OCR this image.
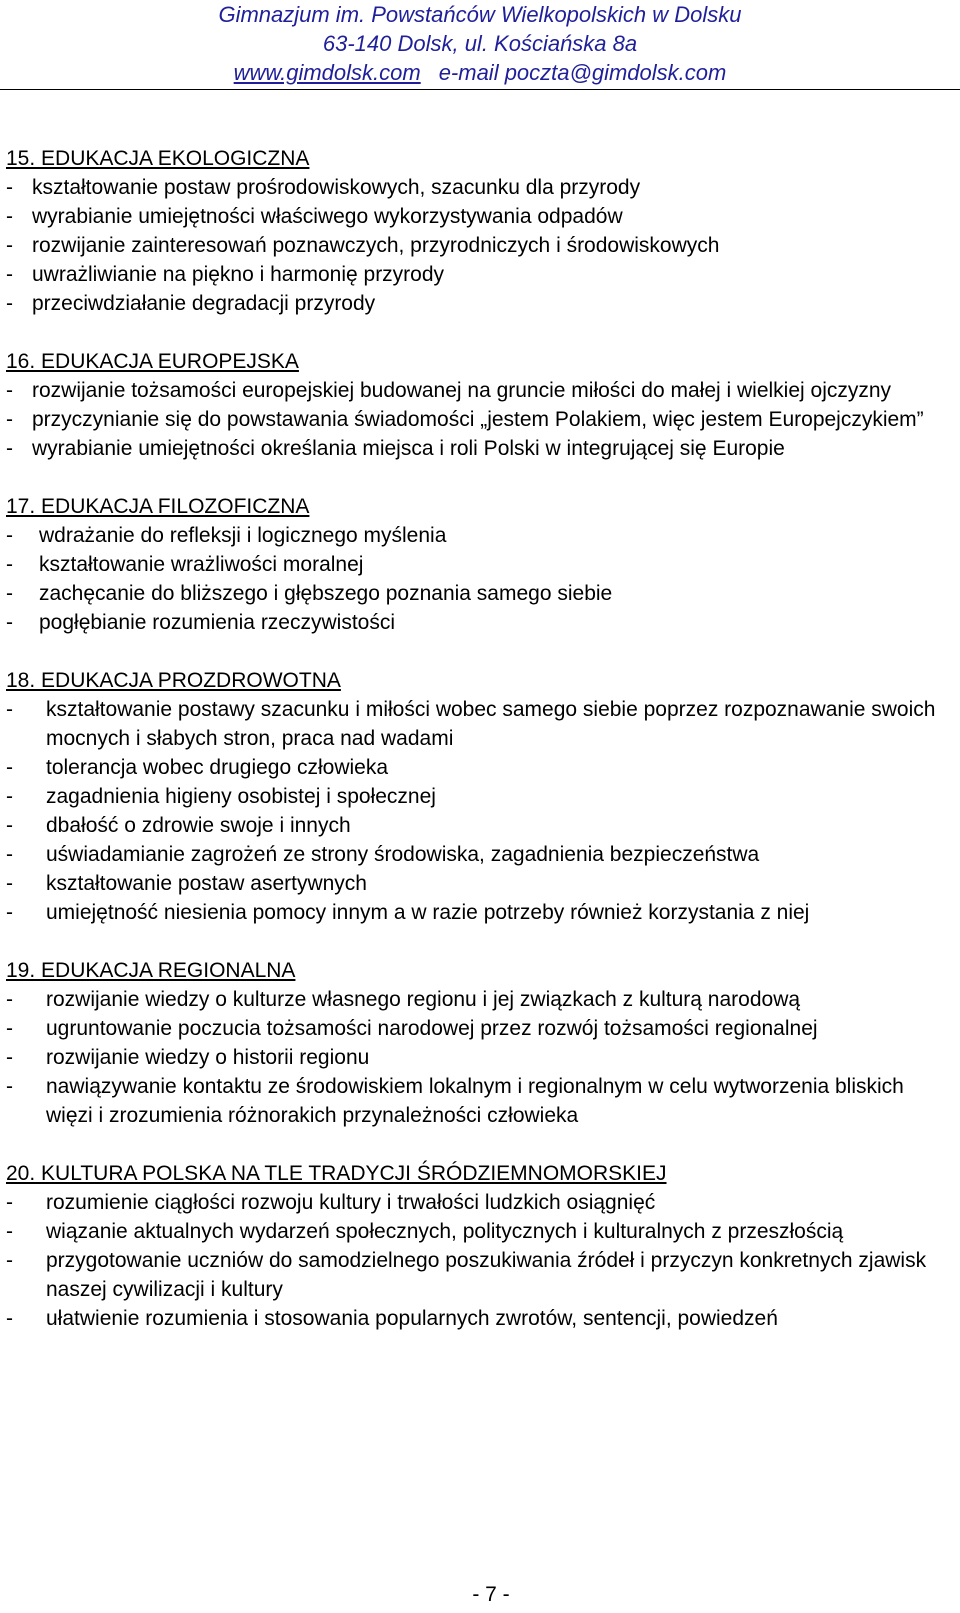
Gimnazjum im. Powstańców Wielkopolskich w Dolsku
63-140 Dolsk, ul. Kościańska 8a
www.gimdolsk.com e-mail poczta@gimdolsk.com
15. EDUKACJA EKOLOGICZNA
- kształtowanie postaw prośrodowiskowych, szacunku dla przyrody
- wyrabianie umiejętności właściwego wykorzystywania odpadów
- rozwijanie zainteresowań poznawczych, przyrodniczych i środowiskowych
- uwrażliwianie na piękno i harmonię przyrody
- przeciwdziałanie degradacji przyrody
16. EDUKACJA EUROPEJSKA
- rozwijanie tożsamości europejskiej budowanej na gruncie miłości do małej i wielkiej ojczyzny
- przyczynianie się do powstawania świadomości „jestem Polakiem, więc jestem Europejczykiem”
- wyrabianie umiejętności określania miejsca i roli Polski w integrującej się Europie
17. EDUKACJA FILOZOFICZNA
-	wdrażanie do refleksji i logicznego myślenia
-	kształtowanie wrażliwości moralnej
-	zachęcanie do bliższego i głębszego poznania samego siebie
-	pogłębianie rozumienia rzeczywistości
18. EDUKACJA PROZDROWOTNA
-	kształtowanie postawy szacunku i miłości wobec samego siebie poprzez rozpoznawanie swoich mocnych i słabych stron, praca nad wadami
-	tolerancja wobec drugiego człowieka
-	zagadnienia higieny osobistej i społecznej
-	dbałość o zdrowie swoje i innych
-	uświadamianie zagrożeń ze strony środowiska, zagadnienia bezpieczeństwa
-	kształtowanie postaw asertywnych
-	umiejętność niesienia pomocy innym a w razie potrzeby również korzystania z niej
19. EDUKACJA REGIONALNA
-	rozwijanie wiedzy o kulturze własnego regionu i jej związkach z kulturą narodową
-	ugruntowanie poczucia tożsamości narodowej przez rozwój tożsamości regionalnej
-	rozwijanie wiedzy o historii regionu
-	nawiązywanie kontaktu ze środowiskiem lokalnym i regionalnym w celu wytworzenia bliskich więzi i zrozumienia różnorakich przynależności człowieka
20. KULTURA POLSKA NA TLE TRADYCJI ŚRÓDZIEMNOMORSKIEJ
-	rozumienie ciągłości rozwoju kultury i trwałości ludzkich osiągnięć
-	wiązanie aktualnych wydarzeń społecznych, politycznych i kulturalnych z przeszłością
-	przygotowanie uczniów do samodzielnego poszukiwania źródeł i przyczyn konkretnych zjawisk naszej cywilizacji i kultury
-	ułatwienie rozumienia i stosowania popularnych zwrotów, sentencji, powiedzeń
- 7 -
